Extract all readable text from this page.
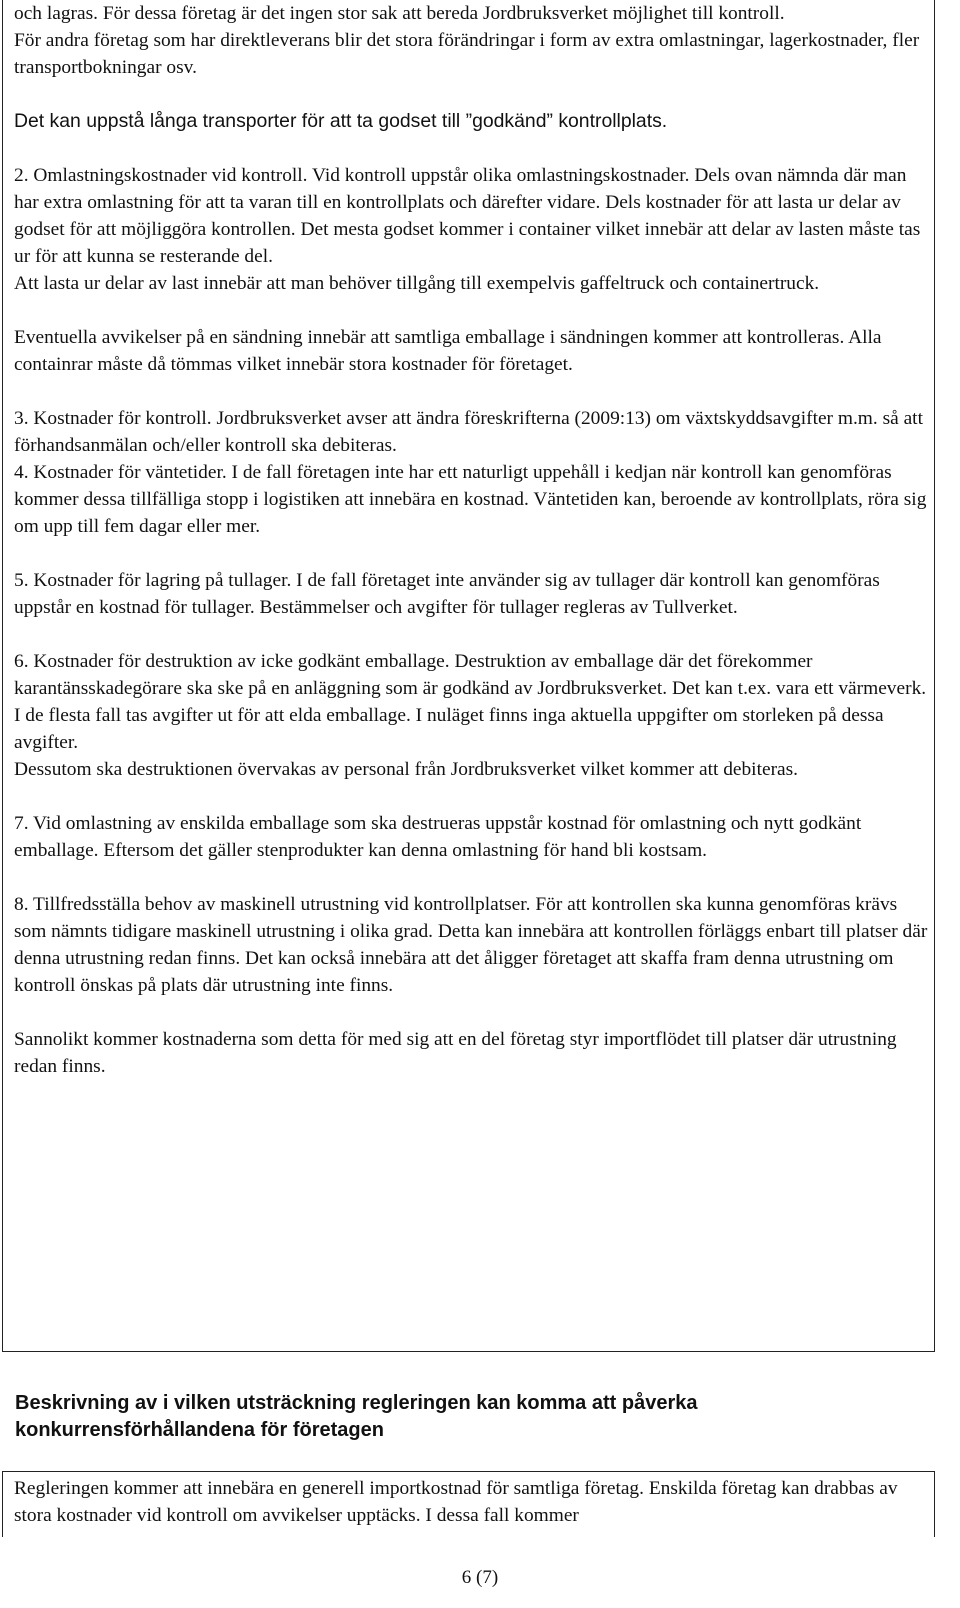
och lagras. För dessa företag är det ingen stor sak att bereda Jordbruksverket möjlighet till kontroll.

För andra företag som har direktleverans blir det stora förändringar i form av extra omlastningar, lagerkostnader, fler transportbokningar osv.

Det kan uppstå långa transporter för att ta godset till ”godkänd” kontrollplats.

2. Omlastningskostnader vid kontroll. Vid kontroll uppstår olika omlastningskostnader. Dels ovan nämnda där man har extra omlastning för att ta varan till en kontrollplats och därefter vidare. Dels kostnader för att lasta ur delar av godset för att möjliggöra kontrollen. Det mesta godset kommer i container vilket innebär att delar av lasten måste tas ur för att kunna se resterande del.

Att lasta ur delar av last innebär att man behöver tillgång till exempelvis gaffeltruck och containertruck.

Eventuella avvikelser på en sändning innebär att samtliga emballage i sändningen kommer att kontrolleras. Alla containrar måste då tömmas vilket innebär stora kostnader för företaget.

3. Kostnader för kontroll. Jordbruksverket avser att ändra föreskrifterna (2009:13) om växtskyddsavgifter m.m. så att förhandsanmälan och/eller kontroll ska debiteras.

4. Kostnader för väntetider. I de fall företagen inte har ett naturligt uppehåll i kedjan när kontroll kan genomföras kommer dessa tillfälliga stopp i logistiken att innebära en kostnad. Väntetiden kan, beroende av kontrollplats, röra sig om upp till fem dagar eller mer.

5. Kostnader för lagring på tullager. I de fall företaget inte använder sig av tullager där kontroll kan genomföras uppstår en kostnad för tullager. Bestämmelser och avgifter för tullager regleras av Tullverket.

6. Kostnader för destruktion av icke godkänt emballage. Destruktion av emballage där det förekommer karantänsskadegörare ska ske på en anläggning som är godkänd av Jordbruksverket. Det kan t.ex. vara ett värmeverk. I de flesta fall tas avgifter ut för att elda emballage. I nuläget finns inga aktuella uppgifter om storleken på dessa avgifter.

Dessutom ska destruktionen övervakas av personal från Jordbruksverket vilket kommer att debiteras.

7. Vid omlastning av enskilda emballage som ska destrueras uppstår kostnad för omlastning och nytt godkänt emballage. Eftersom det gäller stenprodukter kan denna omlastning för hand bli kostsam.

8. Tillfredsställa behov av maskinell utrustning vid kontrollplatser. För att kontrollen ska kunna genomföras krävs som nämnts tidigare maskinell utrustning i olika grad. Detta kan innebära att kontrollen förläggs enbart till platser där denna utrustning redan finns. Det kan också innebära att det åligger företaget att skaffa fram denna utrustning om kontroll önskas på plats där utrustning inte finns.

Sannolikt kommer kostnaderna som detta för med sig att en del företag styr importflödet till platser där utrustning redan finns.

Beskrivning av i vilken utsträckning regleringen kan komma att påverka konkurrensförhållandena för företagen

Regleringen kommer att innebära en generell importkostnad för samtliga företag. Enskilda företag kan drabbas av stora kostnader vid kontroll om avvikelser upptäcks. I dessa fall kommer

6 (7)
